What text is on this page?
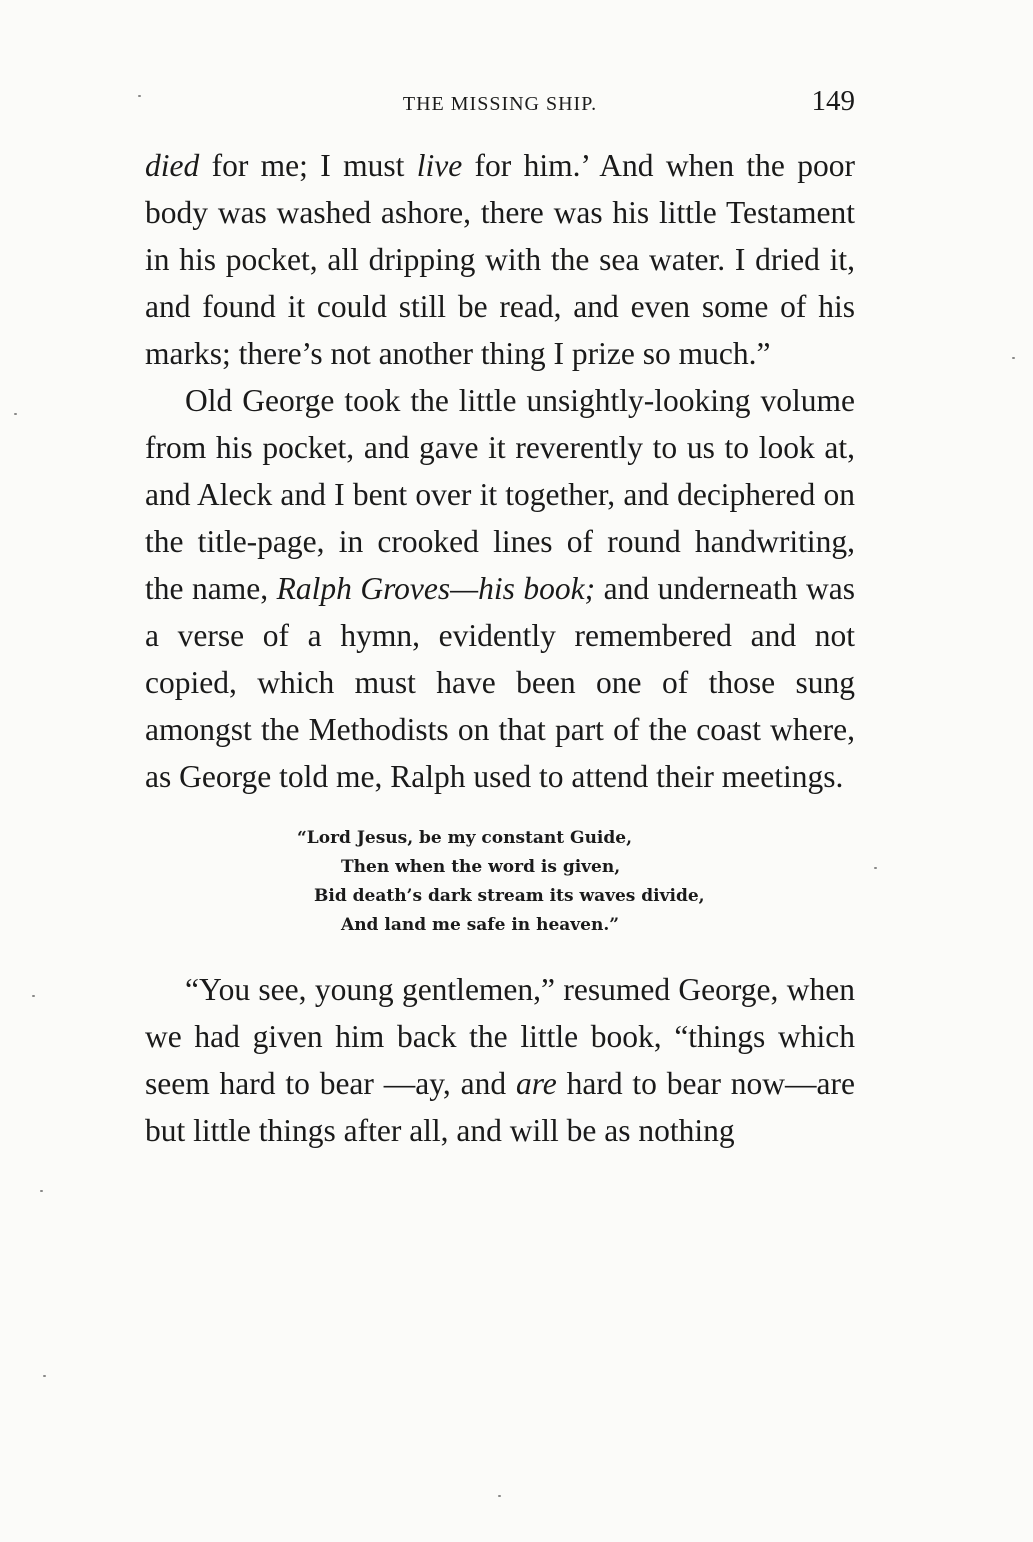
THE MISSING SHIP.	149

died for me; I must live for him.’ And when the poor body was washed ashore, there was his little Testament in his pocket, all dripping with the sea water. I dried it, and found it could still be read, and even some of his marks; there’s not another thing I prize so much.”

Old George took the little unsightly-looking volume from his pocket, and gave it reverently to us to look at, and Aleck and I bent over it together, and deciphered on the title-page, in crooked lines of round handwriting, the name, Ralph Groves—his book; and underneath was a verse of a hymn, evidently remembered and not copied, which must have been one of those sung amongst the Methodists on that part of the coast where, as George told me, Ralph used to attend their meetings.

“Lord Jesus, be my constant Guide,
Then when the word is given,
Bid death’s dark stream its waves divide,
And land me safe in heaven.”

“You see, young gentlemen,” resumed George, when we had given him back the little book, “things which seem hard to bear —ay, and are hard to bear now—are but little things after all, and will be as nothing
